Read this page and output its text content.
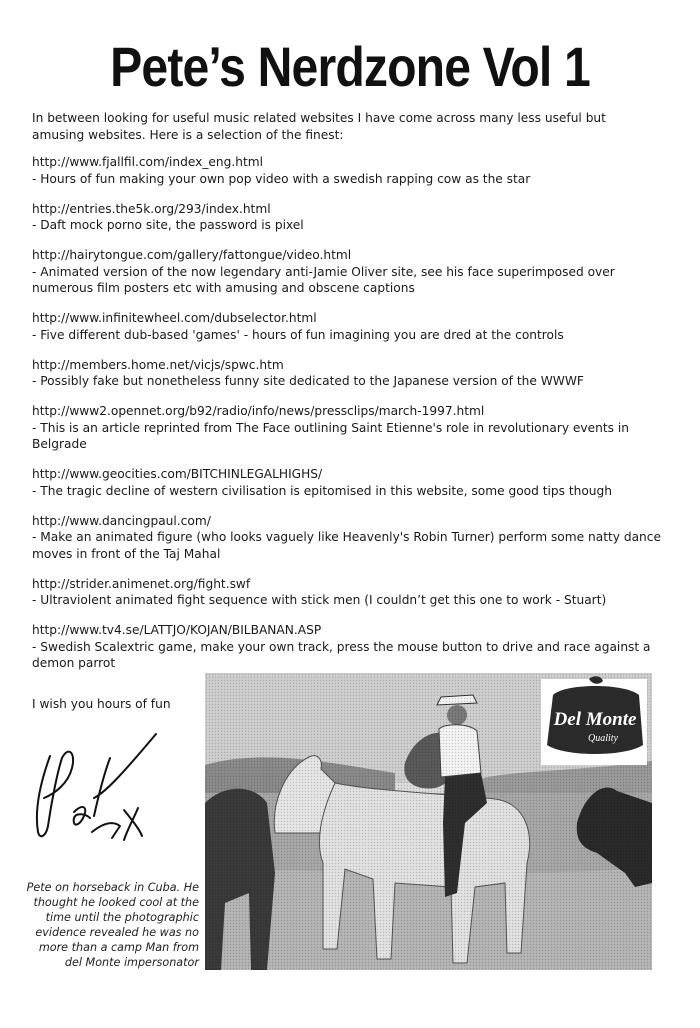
Pete’s Nerdzone Vol 1

In between looking for useful music related websites I have come across many less useful but amusing websites. Here is a selection of the finest:

http://www.fjallfil.com/index_eng.html
- Hours of fun making your own pop video with a swedish rapping cow as the star
http://entries.the5k.org/293/index.html
- Daft mock porno site, the password is pixel
http://hairytongue.com/gallery/fattongue/video.html
- Animated version of the now legendary anti-Jamie Oliver site, see his face superimposed over numerous film posters etc with amusing and obscene captions
http://www.infinitewheel.com/dubselector.html
- Five different dub-based 'games' - hours of fun imagining you are dred at the controls
http://members.home.net/vicjs/spwc.htm
- Possibly fake but nonetheless funny site dedicated to the Japanese version of the WWWF
http://www2.opennet.org/b92/radio/info/news/pressclips/march-1997.html
- This is an article reprinted from The Face outlining Saint Etienne's role in revolutionary events in Belgrade
http://www.geocities.com/BITCHINLEGALHIGHS/
- The tragic decline of western civilisation is epitomised in this website, some good tips though
http://www.dancingpaul.com/
- Make an animated figure (who looks vaguely like Heavenly's Robin Turner) perform some natty dance moves in front of the Taj Mahal
http://strider.animenet.org/fight.swf
- Ultraviolent animated fight sequence with stick men (I couldn’t get this one to work - Stuart)
http://www.tv4.se/LATTJO/KOJAN/BILBANAN.ASP
- Swedish Scalextric game, make your own track, press the mouse button to drive and race against a demon parrot

I wish you hours of fun

Pete on horseback in Cuba. He thought he looked cool at the time until the photographic evidence revealed he was no more than a camp Man from del Monte impersonator

Del Monte
Quality
